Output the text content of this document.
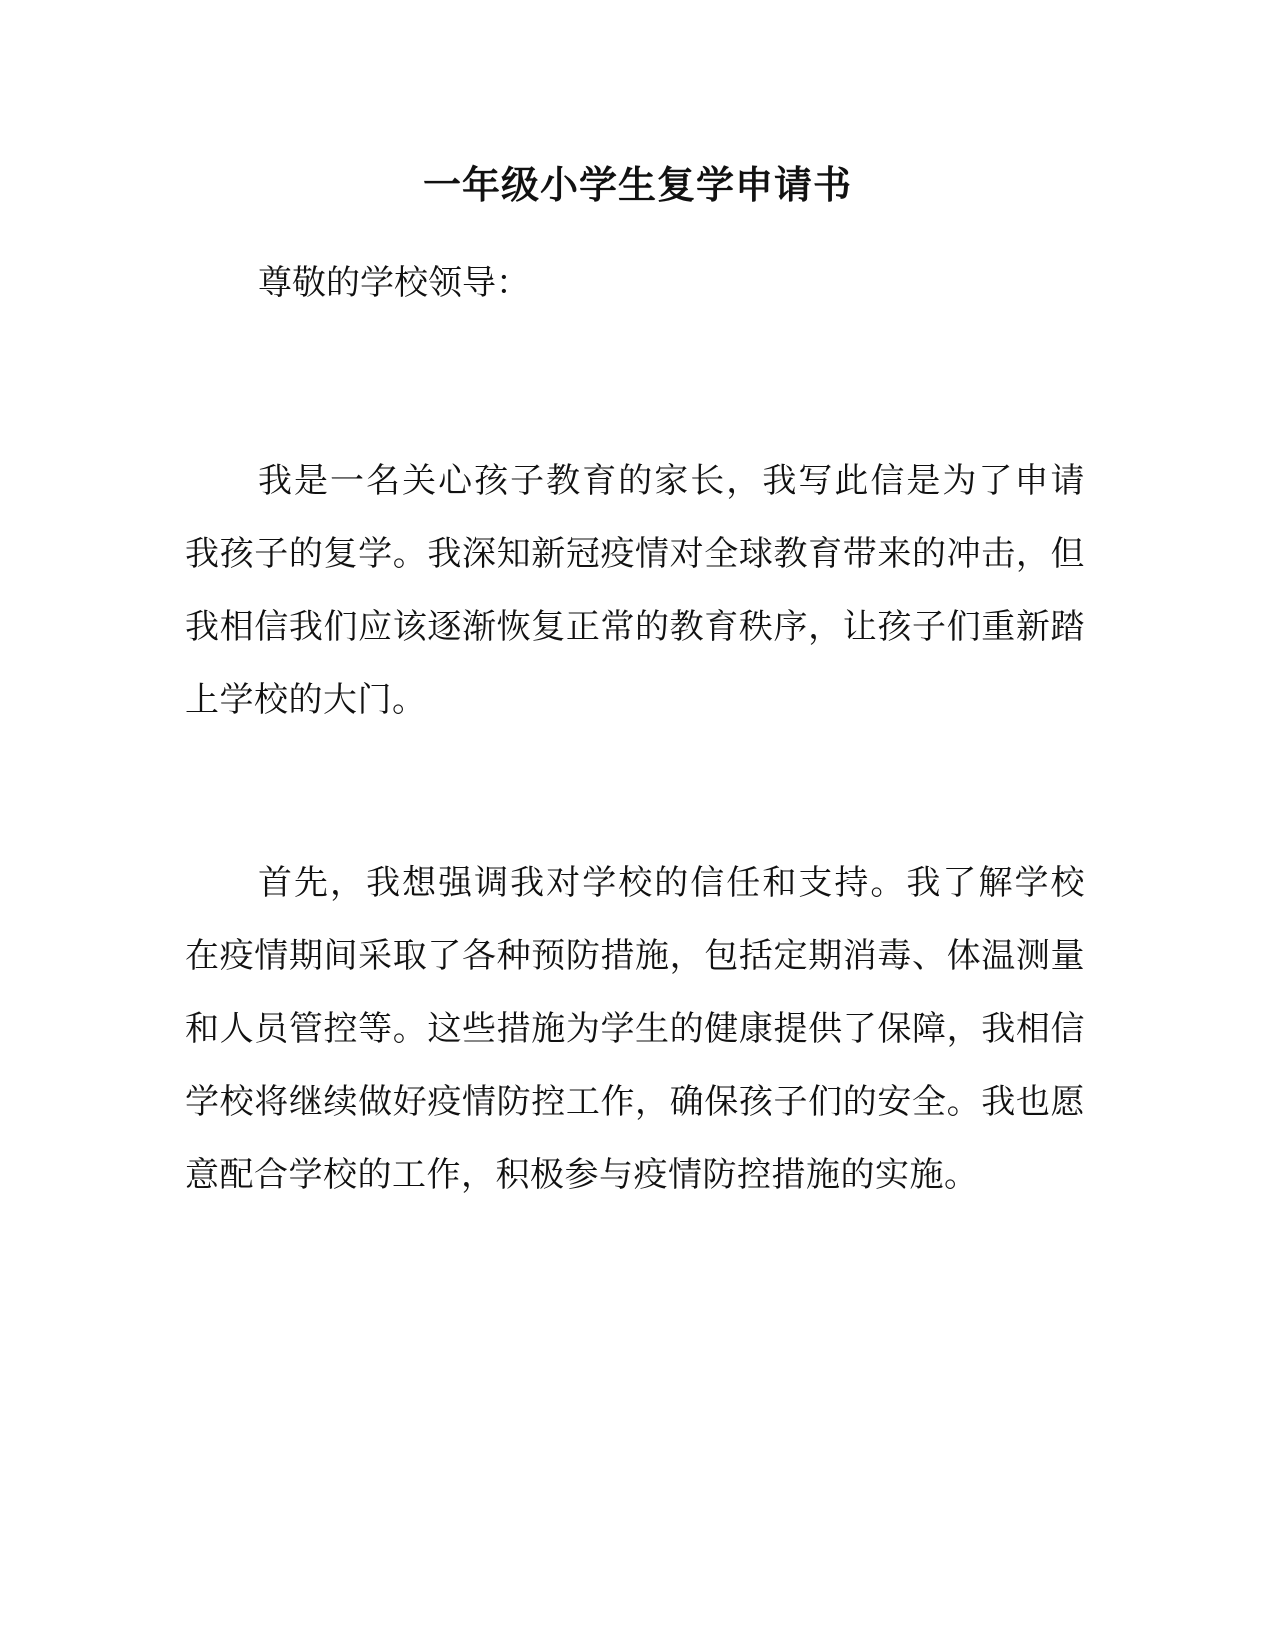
一年级小学生复学申请书

尊敬的学校领导：

我是一名关心孩子教育的家长，我写此信是为了申请我孩子的复学。我深知新冠疫情对全球教育带来的冲击，但我相信我们应该逐渐恢复正常的教育秩序，让孩子们重新踏上学校的大门。

首先，我想强调我对学校的信任和支持。我了解学校在疫情期间采取了各种预防措施，包括定期消毒、体温测量和人员管控等。这些措施为学生的健康提供了保障，我相信学校将继续做好疫情防控工作，确保孩子们的安全。我也愿意配合学校的工作，积极参与疫情防控措施的实施。
